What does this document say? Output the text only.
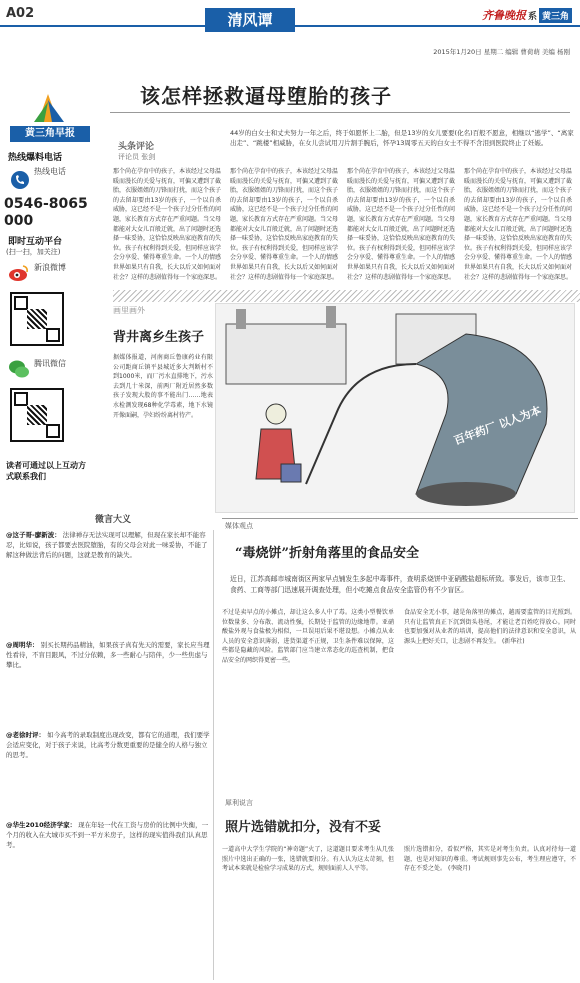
A02	清风谭	齐鲁晚报 系 黄三角
2015年1月20日 星期二 编辑 曹荷萌 美编 杨刚
该怎样拯救逼母堕胎的孩子
黄三角早报
热线爆料电话
热线电话
0546-8065000
即时互动平台
(扫一扫，加关注)
新浪微博
腾讯微信
读者可通过以上互动方式联系我们
头条评论
评论员 张剑
44岁的白女士和丈夫努力一年之后，终于如愿怀上二胎，但是13岁的女儿要要(化名)百般不愿意，相继以“逃学”、“离家出走”、“跳楼”相威胁，在女儿尝试用刀片割手腕后，怀孕13周零五天的白女士不得不含泪到医院终止了妊娠。
那个尚在孕育中的孩子，本该经过父母温暖而漫长的关爱与抚育，可偏又遭到了截胎，衣服姐姐的刀锋而打扰，而这个孩子的去留却要由13岁的孩子，一个以自杀威胁，这已经不是一个孩子过分任性的问题，家长教育方式存在严重问题。当父母都能对大女儿百般迁就，出了问题时还选择一味妥协，这恰恰反映出家庭教育的失位。孩子有权利得到关爱，但同样应该学会分享爱、懂得尊重生命。一个人的情感世界如果只有自我，长大以后又如何面对社会？这样的悲剧值得每一个家庭深思。
那个尚在孕育中的孩子，本该经过父母温暖而漫长的关爱与抚育，可偏又遭到了截胎，衣服姐姐的刀锋而打扰，而这个孩子的去留却要由13岁的孩子，一个以自杀威胁，这已经不是一个孩子过分任性的问题，家长教育方式存在严重问题。当父母都能对大女儿百般迁就，出了问题时还选择一味妥协，这恰恰反映出家庭教育的失位。孩子有权利得到关爱，但同样应该学会分享爱、懂得尊重生命。一个人的情感世界如果只有自我，长大以后又如何面对社会？这样的悲剧值得每一个家庭深思。
那个尚在孕育中的孩子，本该经过父母温暖而漫长的关爱与抚育，可偏又遭到了截胎，衣服姐姐的刀锋而打扰，而这个孩子的去留却要由13岁的孩子，一个以自杀威胁，这已经不是一个孩子过分任性的问题，家长教育方式存在严重问题。当父母都能对大女儿百般迁就，出了问题时还选择一味妥协，这恰恰反映出家庭教育的失位。孩子有权利得到关爱，但同样应该学会分享爱、懂得尊重生命。一个人的情感世界如果只有自我，长大以后又如何面对社会？这样的悲剧值得每一个家庭深思。
那个尚在孕育中的孩子，本该经过父母温暖而漫长的关爱与抚育，可偏又遭到了截胎，衣服姐姐的刀锋而打扰，而这个孩子的去留却要由13岁的孩子，一个以自杀威胁，这已经不是一个孩子过分任性的问题，家长教育方式存在严重问题。当父母都能对大女儿百般迁就，出了问题时还选择一味妥协，这恰恰反映出家庭教育的失位。孩子有权利得到关爱，但同样应该学会分享爱、懂得尊重生命。一个人的情感世界如果只有自我，长大以后又如何面对社会？这样的悲剧值得每一个家庭深思。
画里画外
背井离乡生孩子
据媒体报道，河南商丘鲁康药业有限公司距商丘镇平县城近多大判断村不到1000米，而厂污水直排地下，污水去到几十米深，前两厂附近居然多数孩子发现大股的事不能出门……地表水检测发现68种化学毒素，地下水镜开像面嗣，孕妇纷纷离村待产。	百年药厂 以人为本
媒体观点
“毒烧饼”折射角落里的食品安全
近日，江苏高邮市城南街区两家早点铺发生多起中毒事件，查明系烧饼中亚硝酸盐超标所致。事发后，该市卫生、食药、工商等部门迅速展开调查处理，但小吃摊点食品安全监管仍有不少盲区。
不过是卖早点的小摊点，却让这么多人中了毒。这类小型餐饮单位数量多、分布散、流动性强，长期处于监管的边缘地带。亚硝酸盐外观与食盐极为相似，一旦误用后果不堪设想。小摊点从业人员的安全意识薄弱，进货渠道不正规，卫生条件难以保障，这些都是隐藏的风险。监管部门应当建立常态化的巡查机制，把食品安全的网织得更密一些。
食品安全无小事，越是角落里的摊点，越需要监管的目光照到。只有让监管真正下沉到街头巷尾，才能让老百姓吃得放心。同时也要加强对从业者的培训，提高他们的法律意识和安全意识，从源头上把好关口，让悲剧不再发生。 (新华社)
犀利说言
照片选错就扣分，没有不妥
一道高中大学生学院的“神奇题”火了，这道题目要求考生从几张照片中选出正确的一张，选错就要扣分。有人认为这太苛刻，但考试本来就是检验学习成果的方式，规则面前人人平等。
照片选错扣分，看似严格，其实是对考生负责。认真对待每一道题，也是对知识的尊重。考试规则事先公布，考生理应遵守，不存在不妥之处。 (李晓月)
微言大义
@这子哥-廖新波： 法律禅存无法实现可以理解，但现在家长却不能容忍，比如说，孩子都要去医院堕胎，有的父母会对此一味妥协，不能了解这种做法背后的问题，这就是教育的缺失。
@周明华： 别买长期药品精油，如果孩子真有先天的需要，家长应当理性看待，不盲目跟风，不过分依赖，多一些耐心与陪伴，少一些焦虑与攀比。
@老徐时评： 如今高考的录取制度出现改变，都有它的道理，我们要学会适应变化，对于孩子来说，比高考分数更重要的是健全的人格与独立的思考。
@华生2010经济学家： 现在年轻一代在工资与房价的比例中失衡，一个月的收入在大城市买不到一平方米房子，这样的现实值得我们认真思考。
